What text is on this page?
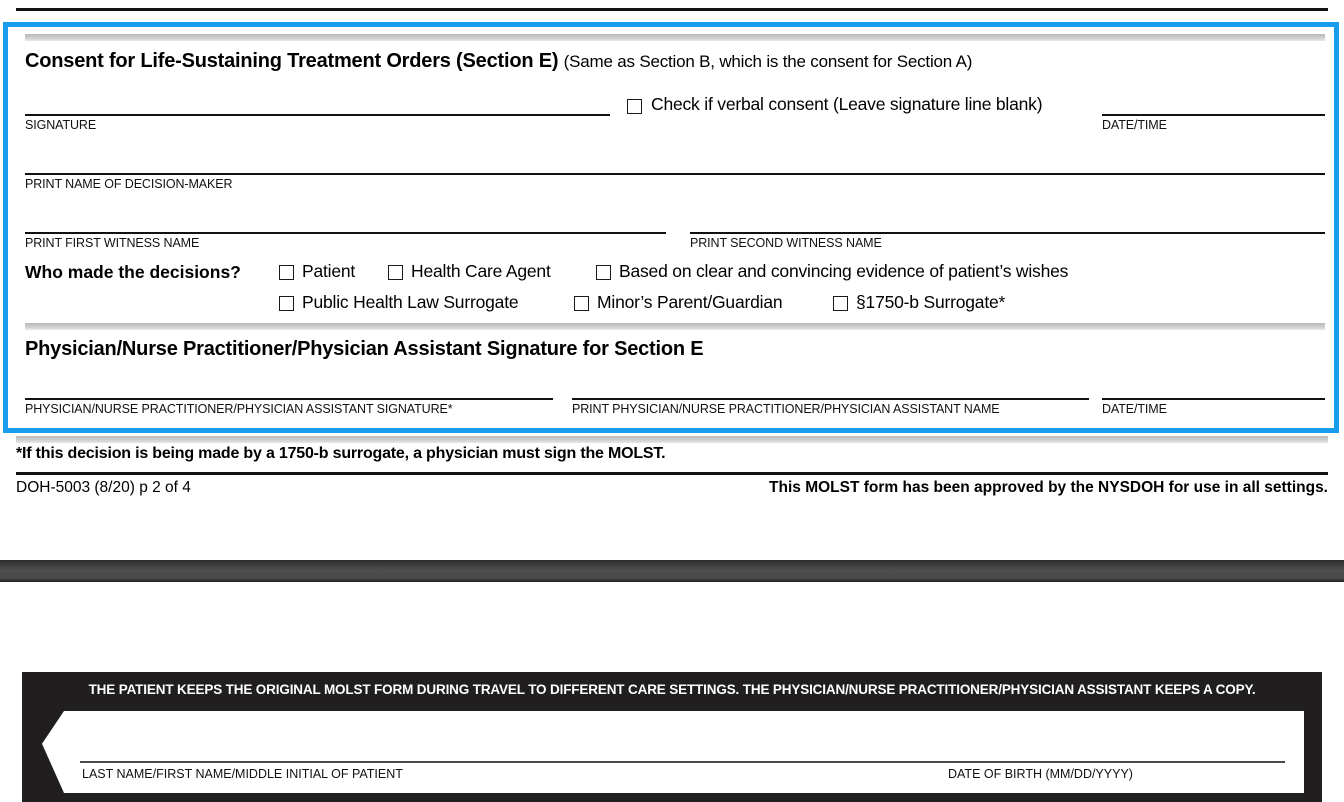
Consent for Life-Sustaining Treatment Orders (Section E) (Same as Section B, which is the consent for Section A)
Check if verbal consent (Leave signature line blank)
SIGNATURE	DATE/TIME
PRINT NAME OF DECISION-MAKER
PRINT FIRST WITNESS NAME	PRINT SECOND WITNESS NAME
Who made the decisions?	Patient	Health Care Agent	Based on clear and convincing evidence of patient’s wishes
Public Health Law Surrogate	Minor’s Parent/Guardian	§1750-b Surrogate*
Physician/Nurse Practitioner/Physician Assistant Signature for Section E
PHYSICIAN/NURSE PRACTITIONER/PHYSICIAN ASSISTANT SIGNATURE*	PRINT PHYSICIAN/NURSE PRACTITIONER/PHYSICIAN ASSISTANT NAME	DATE/TIME
*If this decision is being made by a 1750-b surrogate, a physician must sign the MOLST.
DOH-5003 (8/20) p 2 of 4	This MOLST form has been approved by the NYSDOH for use in all settings.
THE PATIENT KEEPS THE ORIGINAL MOLST FORM DURING TRAVEL TO DIFFERENT CARE SETTINGS. THE PHYSICIAN/NURSE PRACTITIONER/PHYSICIAN ASSISTANT KEEPS A COPY.
LAST NAME/FIRST NAME/MIDDLE INITIAL OF PATIENT	DATE OF BIRTH (MM/DD/YYYY)
